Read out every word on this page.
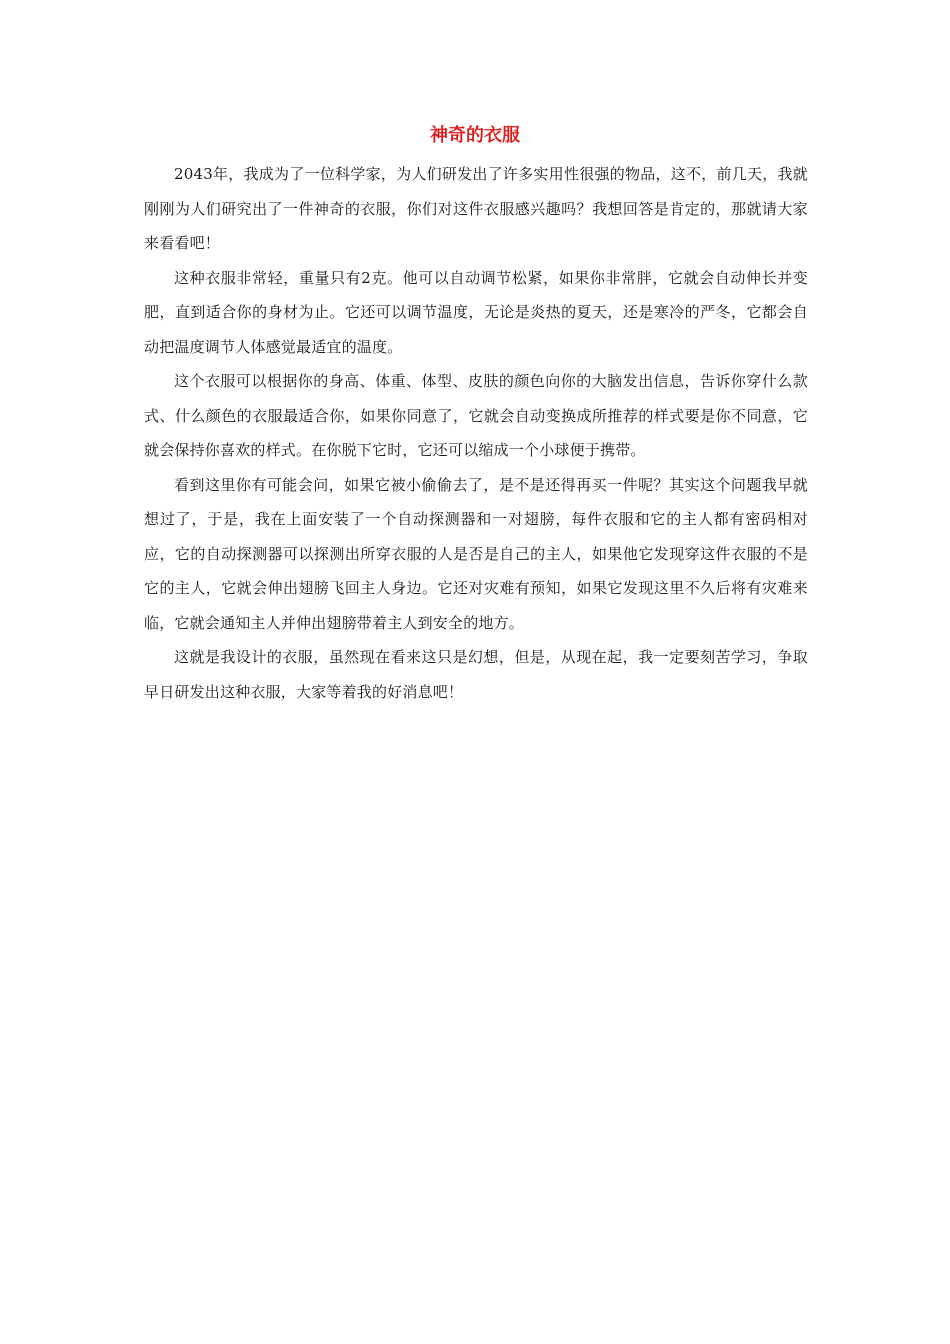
神奇的衣服

2043年，我成为了一位科学家，为人们研发出了许多实用性很强的物品，这不，前几天，我就刚刚为人们研究出了一件神奇的衣服，你们对这件衣服感兴趣吗？我想回答是肯定的，那就请大家来看看吧！

这种衣服非常轻，重量只有2克。他可以自动调节松紧，如果你非常胖，它就会自动伸长并变肥，直到适合你的身材为止。它还可以调节温度，无论是炎热的夏天，还是寒冷的严冬，它都会自动把温度调节人体感觉最适宜的温度。

这个衣服可以根据你的身高、体重、体型、皮肤的颜色向你的大脑发出信息，告诉你穿什么款式、什么颜色的衣服最适合你，如果你同意了，它就会自动变换成所推荐的样式要是你不同意，它就会保持你喜欢的样式。在你脱下它时，它还可以缩成一个小球便于携带。

看到这里你有可能会问，如果它被小偷偷去了，是不是还得再买一件呢？其实这个问题我早就想过了，于是，我在上面安装了一个自动探测器和一对翅膀，每件衣服和它的主人都有密码相对应，它的自动探测器可以探测出所穿衣服的人是否是自己的主人，如果他它发现穿这件衣服的不是它的主人，它就会伸出翅膀飞回主人身边。它还对灾难有预知，如果它发现这里不久后将有灾难来临，它就会通知主人并伸出翅膀带着主人到安全的地方。

这就是我设计的衣服，虽然现在看来这只是幻想，但是，从现在起，我一定要刻苦学习，争取早日研发出这种衣服，大家等着我的好消息吧！
